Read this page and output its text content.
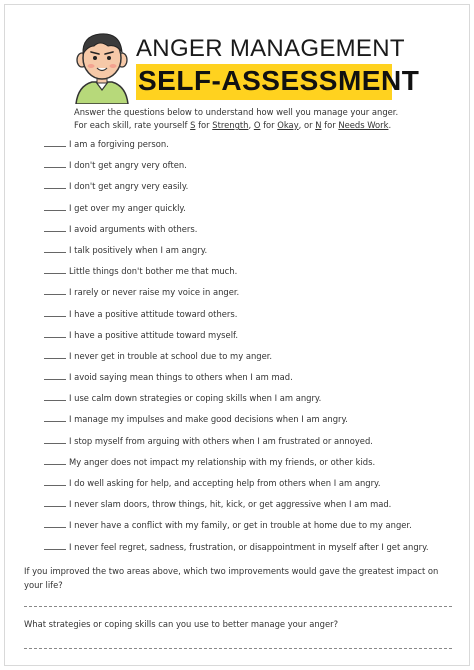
ANGER MANAGEMENT
SELF-ASSESSMENT
Answer the questions below to understand how well you manage your anger.
For each skill, rate yourself S for Strength, O for Okay, or N for Needs Work.
I am a forgiving person.
I don't get angry very often.
I don't get angry very easily.
I get over my anger quickly.
I avoid arguments with others.
I talk positively when I am angry.
Little things don't bother me that much.
I rarely or never raise my voice in anger.
I have a positive attitude toward others.
I have a positive attitude toward myself.
I never get in trouble at school due to my anger.
I avoid saying mean things to others when I am mad.
I use calm down strategies or coping skills when I am angry.
I manage my impulses and make good decisions when I am angry.
I stop myself from arguing with others when I am frustrated or annoyed.
My anger does not impact my relationship with my friends, or other kids.
I do well asking for help, and accepting help from others when I am angry.
I never slam doors, throw things, hit, kick, or get aggressive when I am mad.
I never have a conflict with my family, or get in trouble at home due to my anger.
I never feel regret, sadness, frustration, or disappointment in myself after I get angry.
If you improved the two areas above, which two improvements would gave the greatest impact on your life?
What strategies or coping skills can you use to better manage your anger?
